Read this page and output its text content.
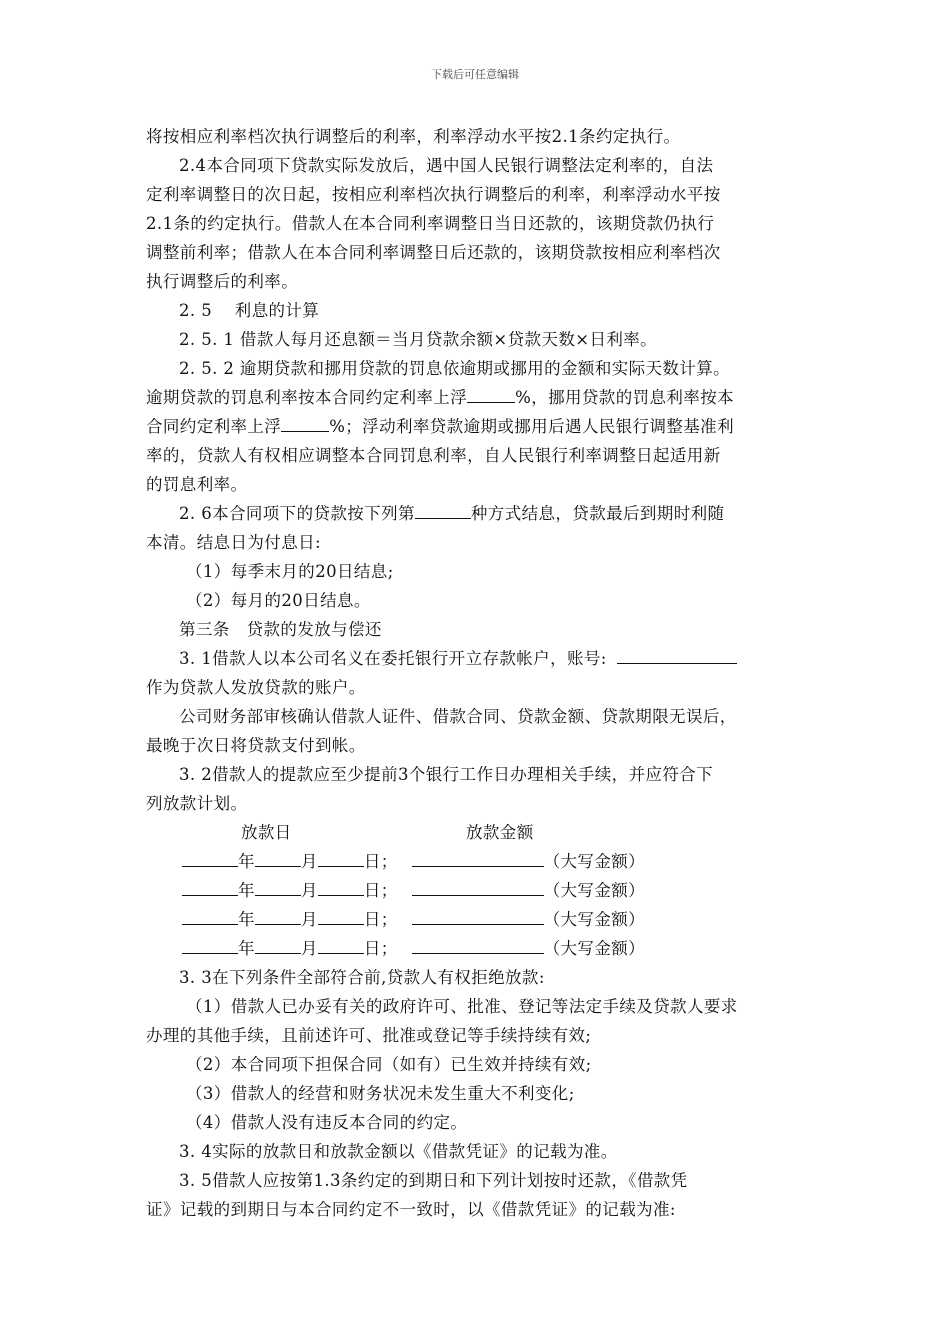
下载后可任意编辑

将按相应利率档次执行调整后的利率，利率浮动水平按2.1条约定执行。

2.4本合同项下贷款实际发放后，遇中国人民银行调整法定利率的，自法

定利率调整日的次日起，按相应利率档次执行调整后的利率，利率浮动水平按

2.1条的约定执行。借款人在本合同利率调整日当日还款的，该期贷款仍执行

调整前利率；借款人在本合同利率调整日后还款的，该期贷款按相应利率档次

执行调整后的利率。

2. 5    利息的计算

2. 5. 1 借款人每月还息额＝当月贷款余额×贷款天数×日利率。

2. 5. 2 逾期贷款和挪用贷款的罚息依逾期或挪用的金额和实际天数计算。

逾期贷款的罚息利率按本合同约定利率上浮	%，挪用贷款的罚息利率按本

合同约定利率上浮	%；浮动利率贷款逾期或挪用后遇人民银行调整基准利

率的，贷款人有权相应调整本合同罚息利率，自人民银行利率调整日起适用新

的罚息利率。

2. 6本合同项下的贷款按下列第	种方式结息，贷款最后到期时利随

本清。结息日为付息日:

（1）每季末月的20日结息;

（2）每月的20日结息。

第三条   贷款的发放与偿还

3. 1借款人以本公司名义在委托银行开立存款帐户，账号:

作为贷款人发放贷款的账户。

公司财务部审核确认借款人证件、借款合同、贷款金额、贷款期限无误后，

最晚于次日将贷款支付到帐。

3. 2借款人的提款应至少提前3个银行工作日办理相关手续，并应符合下

列放款计划。

放款日	放款金额

年	月	日；	（大写金额）

年	月	日；	（大写金额）

年	月	日；	（大写金额）

年	月	日；	（大写金额）

3. 3在下列条件全部符合前,贷款人有权拒绝放款:

（1）借款人已办妥有关的政府许可、批准、登记等法定手续及贷款人要求

办理的其他手续，且前述许可、批准或登记等手续持续有效;

（2）本合同项下担保合同（如有）已生效并持续有效;

（3）借款人的经营和财务状况未发生重大不利变化;

（4）借款人没有违反本合同的约定。

3. 4实际的放款日和放款金额以《借款凭证》的记载为准。

3. 5借款人应按第1.3条约定的到期日和下列计划按时还款，《借款凭

证》记载的到期日与本合同约定不一致时，以《借款凭证》的记载为准:
